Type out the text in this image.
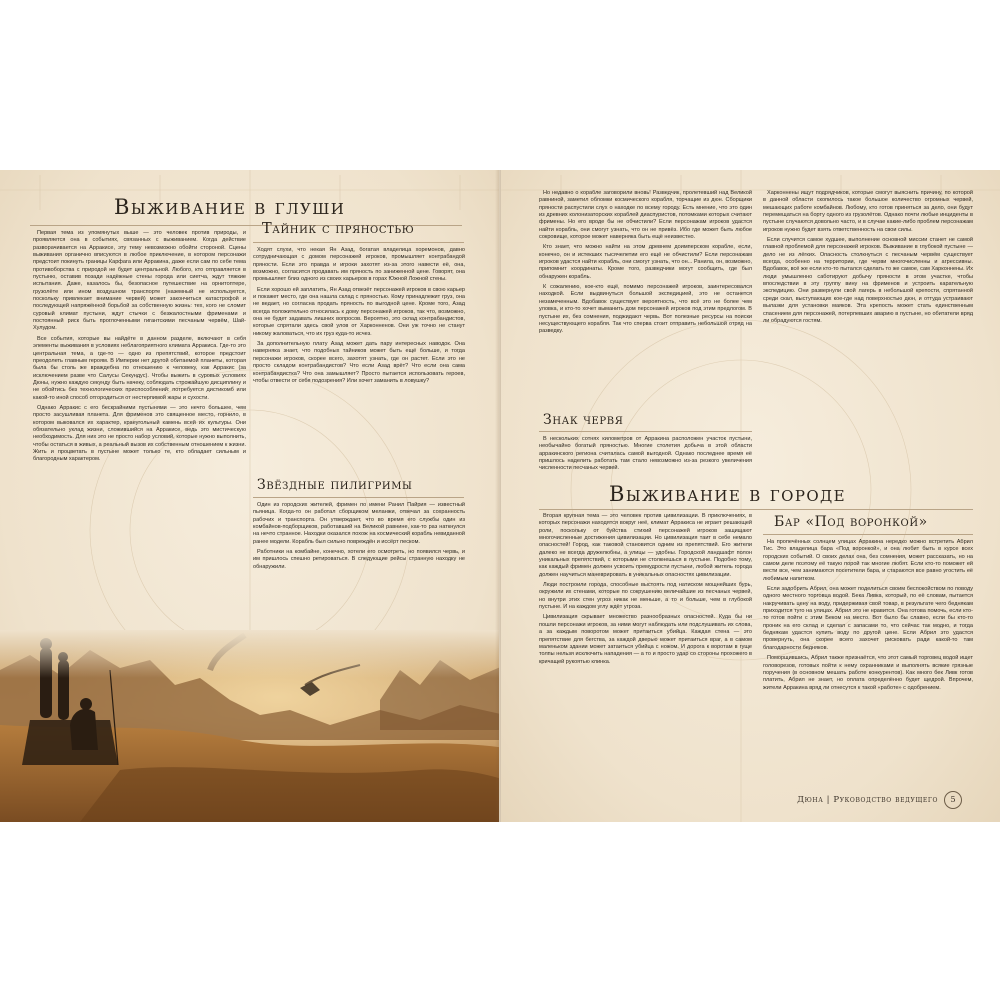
Выживание в глуши

Первая тема из упомянутых выше — это человек против природы, и проявляется она в событиях, связанных с выживанием. Когда действие разворачивается на Арракисе, эту тему невозможно обойти стороной. Сцены выживания органично вписуются в любое приключение, в котором персонажи предстоит покинуть границы Карфага или Арракина, даже если сам по себе тема противоборства с природой не будет центральной. Любого, кто отправляется в пустыню, оставив позади надёжные стены города или сиетча, ждут тяжкие испытания. Даже, казалось бы, безопасное путешествие на орнитоптере, грузолёте или ином воздушном транспорте (наземный не используется, поскольку привлекает внимание червей) может закончиться катастрофой и последующей напряжённой борьбой за собственную жизнь: тех, кого не сломит суровый климат пустыни, ждут стычки с безжалостными фрименами и постоянный риск быть проглоченными гигантскими песчаным червём, Шай-Хулудом.

Все события, которые вы найдёте в данном разделе, включают в себя элементы выживания в условиях неблагоприятного климата Арракиса. Где-то это центральная тема, а где-то — одно из препятствий, которое предстоит преодолеть главным героям. В Империи нет другой обитаемой планеты, которая была бы столь же враждебна по отношению к человеку, как Арракис (за исключением разве что Салусы Секундус). Чтобы выжить в суровых условиях Дюны, нужно каждую секунду быть начеку, соблюдать строжайшую дисциплину и не обойтись без технологических приспособлений: потребуется дистикомб или какой-то иной способ отгородиться от нестерпимой жары и сухости.

Однако Арракис с его бескрайними пустынями — это нечто большее, чем просто засушливая планета. Для фрименов это священное место, горнило, в котором выковался их характер, краеугольный камень всей их культуры. Они обязательно уклад жизни, сложившийся на Арракисе, ведь это мистическую необходимость. Для них это не просто набор условий, которые нужно выполнить, чтобы остаться в живых, а реальный вызов их собственным отношением к жизни. Жить и процветать в пустыне может только те, кто обладает сильным и благородным характером.

Тайник с пряностью

Ходят слухи, что некая Ян Азад, богатая владелица хоремонов, давно сотрудничающая с домом персонажей игроков, промышляет контрабандой пряности. Если это правда и игроки захотят из-за этого навести её, она, возможно, согласится продавать им пряность по заниженной цене. Говорят, она промышляет близ одного из своих карьеров в горах Южной Ложной стены.

Если хорошо ей заплатить, Ян Азад отвезёт персонажей игроков в свою карьер и покажет место, где она нашла склад с пряностью. Кому принадлежит груз, она не ведает, но согласна продать пряность по выгодной цене. Кроме того, Азад всегда положительно относилась к дому персонажей игроков, так что, возможно, она не будет задавать лишних вопросов. Вероятно, это склад контрабандистов, которые спрятали здесь свой улов от Харконненов. Они уж точно не станут никому жаловаться, что их груз куда-то исчез.

За дополнительную плату Азад может дать пару интересных наводок. Она наверняка знает, что подобных тайников может быть ещё больше, и тогда персонажи игроков, скорее всего, захотят узнать, где он растет. Если это не просто складом контрабандистов? Что если Азад врёт? Что если она сама контрабандистка? Что она замышляет? Просто пытается использовать героев, чтобы отвести от себя подозрения? Или хочет заманить в ловушку?

Звёздные пилигримы

Один из городских жителей, фримен по имени Ранил Пайрия — известный пьяница. Когда-то он работал сборщиком меланжи, отвечал за сохранность рабочих и транспорта. Он утверждает, что во время его службы один из комбайнов-подборщиков, работавший на Великой равнине, как-то раз наткнулся на нечто странное. Находки оказался похож на космический корабль невиданной ранее модели. Корабль был сильно повреждён и иссёрт песком.

Работники на комбайне, конечно, хотели его осмотреть, но появился червь, и им пришлось спешно ретироваться. В следующие рейсы странную находку не обнаружили.

Но недавно о корабле заговорили вновь! Разведчик, пролетевший над Великой равниной, заметил обломки космического корабля, торчащие из дюн. Сборщики пряности распустили слух о находке по всему городу. Есть мнение, что это один из древних колонизаторских кораблей диаспуристов, потомками которых считают фримены. Но его вроде бы не обчистили? Если персонажам игроков удастся найти корабль, они смогут узнать, что он не привёз. Ибо где может быть любое сокровище, которое может наверняка быть ещё неизвестно.

Кто знает, что можно найти на этом древнем доимперском корабле, если, конечно, он и истекших тысячелетии его ещё не обчистили? Если персонажам игроков удастся найти корабль, они смогут узнать, что он... Ранила, он, возможно, припомнит координаты. Кроме того, разведчики могут сообщить, где был обнаружен корабль.

К сожалению, кое-кто ещё, помимо персонажей игроков, заинтересовался находкой. Если выдвинуться большой экспедицией, это не останется незамеченным. Вдобавок существует вероятность, что всё это не более чем уловка, и кто-то хочет выманить дом персонажей игроков под этим предлогом. В пустыне их, без сомнения, поджидают червь. Вот полезные ресурсы на поиски несуществующего корабля. Так что сперва стоит отправить небольшой отряд на разведку.

Знак червя

В нескольких сотнях километров от Арракина расположен участок пустыни, необычайно богатый пряностью. Многие столетия добыча в этой области арракинского региона считалась самой выгодной. Однако последнее время её пришлось наделить работать там стало невозможно из-за резкого увеличения численности песчаных червей.

Харконнены ищут подрядчиков, которые смогут выяснить причину, по которой в данной области скопилось такое большое количество огромных червей, мешающих работе комбайнов. Любому, кто готов приняться за дело, они будут перемещаться на борту одного из грузолётов. Однако почти любые инциденты в пустыне случаются довольно часто, и в случае какие-либо проблем персонажам игроков нужно будет взять ответственность на свои силы.

Если случится самое худшее, выполнение основной миссии станет не самой главной проблемой для персонажей игроков. Выживание в глубокой пустыне — дело не из лёгких. Опасность столкнуться с песчаным червём существует всегда, особенно на территории, где черви многочисленны и агрессивны. Вдобавок, всё же если кто-то пытался сделать то же самое, сам Харконнены. Их люди умышленно саботируют добычу пряности в этом участке, чтобы впоследствии в эту группу вину на фрименов и устроить карательную экспедицию. Они развернули свой лагерь в небольшой крепости, спрятанной среди скал, выступающих кое-где над поверхностью дюн, и оттуда устраивают вылазки для установки маяков. Эта крепость может стать единственным спасением для персонажей, потерпевших аварию в пустыне, но обитатели вряд ли обрадуются гостям.

Выживание в городе

Вторая крупная тема — это человек против цивилизации. В приключениях, в которых персонажи находятся вокруг неё, климат Арракиса не играет решающей роли, поскольку от буйства стихий персонажей игроков защищают многочисленные достижения цивилизации. Но цивилизация таит в себе немало опасностей! Город, как таковой становится одним из препятствий. Его жители далеко не всегда дружелюбны, а улицы — удобны. Городской ландшафт полон уникальных препятствий, с которыми не столкнешься в пустыне. Подобно тому, как каждый фримен должен усвоить премудрости пустыни, любой житель города должен научиться маневрировать в уникальных опасностях цивилизации.

Люди построили города, способные выстоять под натиском мощнейших бурь, окружили их стенами, которые по сокрушению величайшие из песчаных червей, но внутри этих стен угроз никак не меньше, а то и больше, чем в глубокой пустыне. И на каждом углу ждёт угроза.

Цивилизация скрывает множество разнообразных опасностей. Куда бы ни пошли персонажи игроков, за ними могут наблюдать или подслушивать их слова, а за каждым поворотом может притаиться убийца. Каждая стена — это препятствие для бегства, за каждой дверью может притаиться враг, а в самом маленьком здании может затаиться убийца с ножом. И дорога к воротам в гуще толпы нельзя исключить нападения — а то и просто удар со стороны прохожего в кричащей рукоятью клинка.

Бар «Под воронкой»

На пропечённых солнцем улицах Арракина нередко можно встретить Абрил Тис. Это владелица бара «Под воронкой», и она любит быть в курсе всех городских событий. О своих делах она, без сомнения, может рассказать, но на самом деле поэтому её такую порой так многие любят. Если кто-то поможет ей вести все, чем занимаются посетители бара, и стараются все равно угостить её любимым напитком.

Если задобрить Абрил, она может поделиться своим беспокойством по поводу одного местного торговца водой. Бека Ливка, который, по её словам, пытается накручивать цену на воду, придерживая свой товар, в результате чего беднякам приходится туго на улицах. Абрил это не нравится. Она готова помочь, если кто-то готов пойти с этим Беком на место. Вот было бы славно, если бы кто-то проник на его склад и сделал с запасами то, что сейчас так модно, и тогда беднякам удастся купить воду по другой цене. Если Абрил это удастся провернуть, она скорее всего захочет рисковать ради какой-то там благодарности бедняков.

Поморщившись, Абрил также признаётся, что этот самый торговец водой ищет головорезов, готовых пойти к нему охранниками и выполнять всякие грязные поручения (в основном мешать работе конкурентов). Как много бек Ливк готов платить, Абрил не знает, но оплата определённо будет щедрой. Впрочем, жители Арракина вряд ли отнесутся к такой «работе» с одобрением.

Дюна | Руководство ведущего	5
